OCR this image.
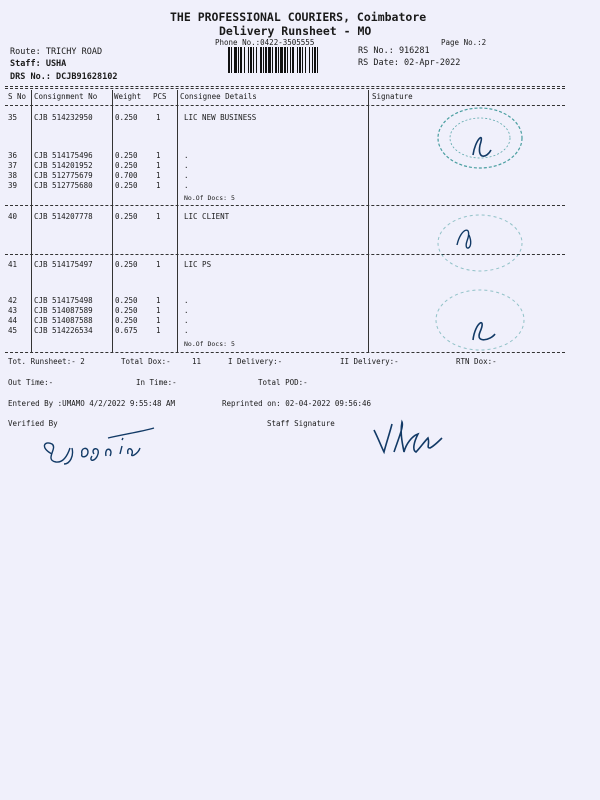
THE PROFESSIONAL COURIERS, Coimbatore
Delivery Runsheet - MO
Phone No.:0422-3505555	Page No.:2
Route: TRICHY ROAD
Staff: USHA
DRS No.: DCJB91628102
RS No.: 916281
RS Date: 02-Apr-2022
S No Consignment No Weight PCS Consignee Details	Signature
35 CJB 514232950	0.250 1	LIC NEW BUSINESS
36 CJB 514175496	0.250 1	.
37 CJB 514201952	0.250 1	.
38 CJB 512775679	0.700 1	.
39 CJB 512775680	0.250 1	.
40 CJB 514207778	0.250 1	LIC CLIENT
41 CJB 514175497	0.250 1	LIC PS
42 CJB 514175498	0.250 1	.
43 CJB 514087589	0.250 1	.
44 CJB 514087588	0.250 1	.
45 CJB 514226534	0.675 1	.
No.Of Docs: 5
No.Of Docs: 5
Tot. Runsheet:- 2	Total Dox:-	11	I Delivery:-	II Delivery:-	RTN Dox:-
Out Time:-	In Time:-	Total POD:-
Entered By :UMAMO 4/2/2022 9:55:48 AM	Reprinted on: 02-04-2022 09:56:46
Verified By	Staff Signature
